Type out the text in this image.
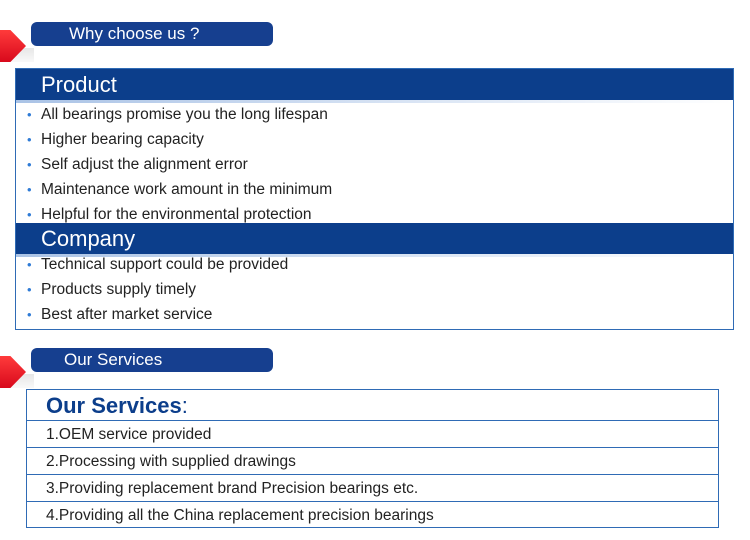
Why choose us ?
Product
• All bearings promise you the long lifespan
• Higher bearing capacity
• Self adjust the alignment error
• Maintenance work amount in the minimum
• Helpful for the environmental protection
Company
• Technical support could be provided
• Products supply timely
• Best after market service
Our Services
Our Services:
1.OEM service provided
2.Processing with supplied drawings
3.Providing replacement brand Precision bearings etc.
4.Providing all the China replacement precision bearings
